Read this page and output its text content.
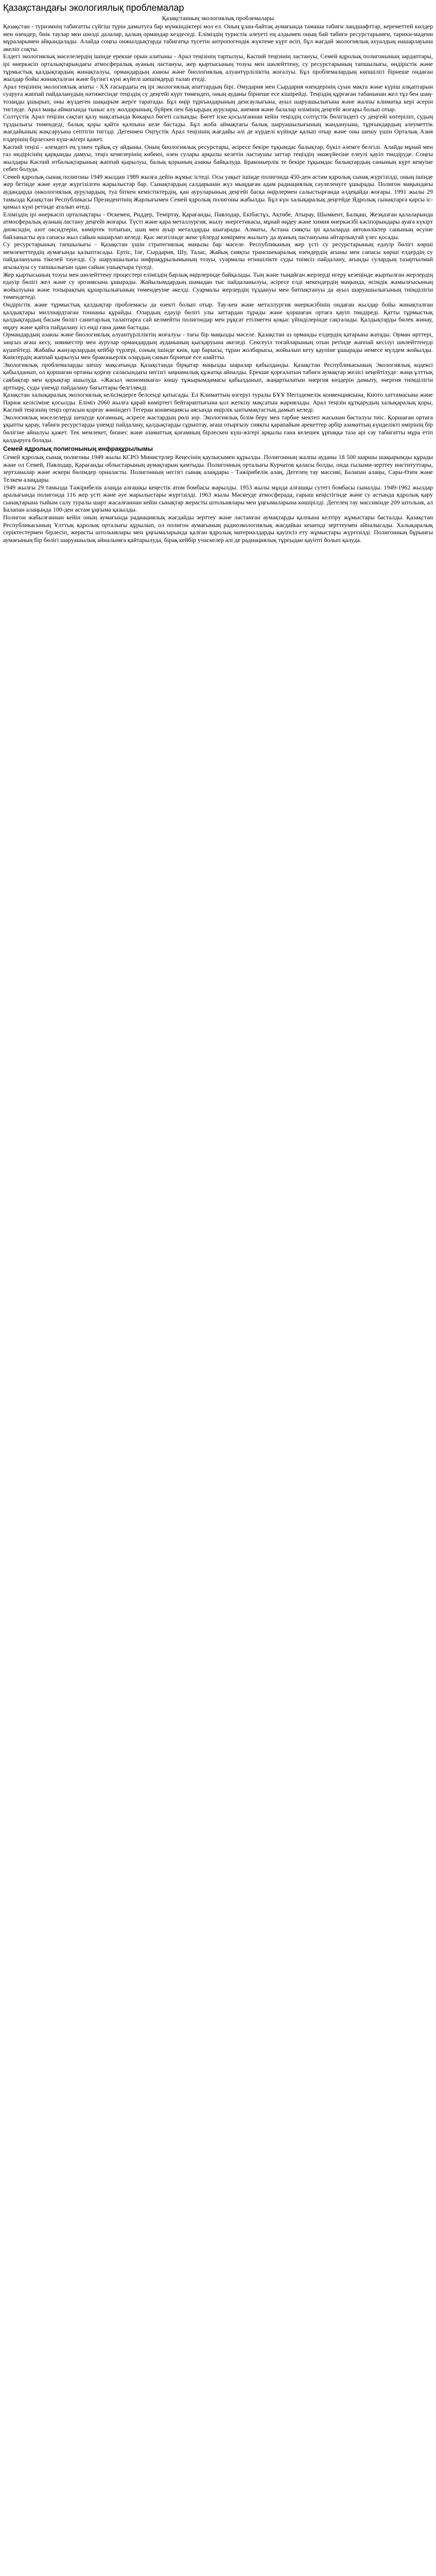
Қазақстандағы экологиялық проблемалар
Қазақстанның экологиялық проблемалары

Қазақстан - туризмнің табиғатты сүйгіш түрін дамытуға бар мүмкіндіктері мол ел. Оның ұлан-байтақ аумағында тамаша табиғи ландшафттар, кереметтей көлдер мен өзендер, биік таулар мен шөлді далалар, қалың ормандар кездеседі. Еліміздің туристік әлеуеті ең алдымен оның бай табиғи ресурстарымен, тарихи-мәдени мұраларымен айқындалады. Алайда соңғы онжылдықтарда табиғатқа түсетін антропогендік жүктеме күрт өсіп, бұл жағдай экологиялық ахуалдың нашарлауына әкеліп соқты.

Елдегі экологиялық мәселелердің ішінде ерекше орын алатыны - Арал теңізінің тартылуы, Каспий теңізінің ластануы, Семей ядролық полигонының зардаптары, ірі өнеркәсіп орталықтарындағы атмосфералық ауаның ластануы, жер қыртысының тозуы мен шөлейттену, су ресурстарының тапшылығы, өндірістік және тұрмыстық қалдықтардың жинақталуы, ормандардың азаюы және биологиялық алуантүрліліктің жоғалуы. Бұл проблемалардың көпшілігі бірнеше ондаған жылдар бойы жинақталған және бүгінгі күні жүйелі шешімдерді талап етеді.

Арал теңізінің экологиялық апаты - ХХ ғасырдағы ең ірі экологиялық апаттардың бірі. Әмудария мен Сырдария өзендерінің суын мақта және күріш алқаптарын суаруға жаппай пайдаланудың нәтижесінде теңіздің су деңгейі күрт төмендеп, оның ауданы бірнеше есе кішірейді. Теңіздің құрғаған табанынан жел тұз бен шаң-тозаңды ұшырып, оны жүздеген шақырым жерге таратады. Бұл өңір тұрғындарының денсаулығына, ауыл шаруашылығына және жалпы климатқа кері әсерін тигізуде. Арал маңы аймағында тыныс алу жолдарының, бүйрек пен бауырдың аурулары, анемия және балалар өлімінің деңгейі жоғары болып отыр.

Солтүстік Арал теңізін сақтап қалу мақсатында Көкарал бөгеті салынды. Бөгет іске қосылғаннан кейін теңіздің солтүстік бөлігіндегі су деңгейі көтеріліп, судың тұздылығы төмендеді, балық қоры қайта қалпына келе бастады. Бұл жоба аймақтағы балық шаруашылығының жандануына, тұрғындардың әлеуметтік жағдайының жақсаруына септігін тигізді. Дегенмен Оңтүстік Арал теңізінің жағдайы әлі де күрделі күйінде қалып отыр және оны шешу үшін Орталық Азия елдерінің бірлескен күш-жігері қажет.

Каспий теңізі - әлемдегі ең үлкен тұйық су айдыны. Оның биологиялық ресурстары, әсіресе бекіре тұқымдас балықтар, бүкіл әлемге белгілі. Алайда мұнай мен газ өндірісінің қарқынды дамуы, теңіз кемелерінің көбеюі, өзен сулары арқылы келетін ластаушы заттар теңіздің экожүйесіне елеулі қауіп төндіруде. Соңғы жылдары Каспий итбалықтарының жаппай қырылуы, балық қорының азаюы байқалуда. Браконьерлік те бекіре тұқымдас балықтардың санының күрт кемуіне себеп болуда.

Семей ядролық сынақ полигоны 1949 жылдан 1989 жылға дейін жұмыс істеді. Осы уақыт ішінде полигонда 450-ден астам ядролық сынақ жүргізілді, оның ішінде жер бетінде және әуеде жүргізілген жарылыстар бар. Сынақтардың салдарынан жүз мыңдаған адам радиациялық сәулеленуге ұшырады. Полигон маңындағы аудандарда онкологиялық аурулардың, туа біткен кемістіктердің, қан ауруларының деңгейі басқа өңірлермен салыстырғанда әлдеқайда жоғары. 1991 жылы 29 тамызда Қазақстан Республикасы Президентінің Жарлығымен Семей ядролық полигоны жабылды. Бұл күн халықаралық деңгейде Ядролық сынақтарға қарсы іс-қимыл күні ретінде аталып өтеді.

Еліміздің ірі өнеркәсіп орталықтары - Өскемен, Риддер, Теміртау, Қарағанды, Павлодар, Екібастұз, Ақтөбе, Атырау, Шымкент, Балқаш, Жезқазған қалаларында атмосфералық ауаның ластану деңгейі жоғары. Түсті және қара металлургия, жылу энергетикасы, мұнай өңдеу және химия өнеркәсібі кәсіпорындары ауаға күкірт диоксидін, азот оксидтерін, көміртек тотығын, шаң мен ауыр металдарды шығарады. Алматы, Астана сияқты ірі қалаларда автокөліктер санының өсуіне байланысты ауа сапасы жыл сайын нашарлап келеді. Қыс мезгілінде жеке үйлерді көмірмен жылыту да ауаның ластануына айтарлықтай үлес қосады.

Су ресурстарының тапшылығы - Қазақстан үшін стратегиялық маңызы бар мәселе. Республиканың жер үсті су ресурстарының едәуір бөлігі көрші мемлекеттердің аумағында қалыптасады. Ертіс, Іле, Сырдария, Шу, Талас, Жайық сияқты трансшекаралық өзендердің ағыны мен сапасы көрші елдердің су пайдалануына тікелей тәуелді. Су шаруашылығы инфрақұрылымының тозуы, суармалы егіншілікте суды тиімсіз пайдалану, ағынды сулардың тазартылмай ағызылуы су тапшылығын одан сайын ушықтыра түседі.

Жер қыртысының тозуы мен шөлейттену процестері еліміздің барлық өңірлерінде байқалады. Тың және тыңайған жерлерді игеру кезеңінде жыртылған жерлердің едәуір бөлігі жел және су эрозиясына ұшырады. Жайылымдардың шамадан тыс пайдаланылуы, әсіресе елді мекендердің маңында, өсімдік жамылғысының жойылуына және топырақтың құнарлылығының төмендеуіне әкелді. Суармалы жерлердің тұздануы мен батпақтануы да ауыл шаруашылығының тиімділігін төмендетеді.

Өндірістік және тұрмыстық қалдықтар проблемасы да өзекті болып отыр. Тау-кен және металлургия өнеркәсібінің ондаған жылдар бойы жинақталған қалдықтары миллиардтаған тоннаны құрайды. Олардың едәуір бөлігі улы заттардан тұрады және қоршаған ортаға қауіп төндіреді. Қатты тұрмыстық қалдықтардың басым бөлігі санитарлық талаптарға сай келмейтін полигондар мен рұқсат етілмеген қоқыс үйінділерінде сақталады. Қалдықтарды бөлек жинау, өңдеу және қайта пайдалану ісі енді ғана дами бастады.

Ормандардың азаюы және биологиялық алуантүрліліктің жоғалуы - тағы бір маңызды мәселе. Қазақстан аз орманды елдердің қатарына жатады. Орман өрттері, заңсыз ағаш кесу, зиянкестер мен аурулар ормандардың ауданының қысқаруына әкеледі. Сексеуіл тоғайларының отын ретінде жаппай кесілуі шөлейттенуді күшейтеді. Жабайы жануарлардың кейбір түрлері, соның ішінде киік, қар барысы, тұран жолбарысы, жойылып кету қаупіне ұшырады немесе мүлдем жойылды. Киіктердің жаппай қырылуы мен браконьерлік олардың санын бірнеше есе азайтты.

Экологиялық проблемаларды шешу мақсатында Қазақстанда бірқатар маңызды шаралар қабылданды. Қазақстан Республикасының Экологиялық кодексі қабылданып, ол қоршаған ортаны қорғау саласындағы негізгі заңнамалық құжатқа айналды. Ерекше қорғалатын табиғи аумақтар желісі кеңейтілуде: жаңа ұлттық саябақтар мен қорықтар ашылуда. «Жасыл экономикаға» көшу тұжырымдамасы қабылданып, жаңартылатын энергия көздерін дамыту, энергия тиімділігін арттыру, суды үнемді пайдалану бағыттары белгіленді.

Қазақстан халықаралық экологиялық келісімдерге белсенді қатысады. Ел Климаттың өзгеруі туралы БҰҰ Негіздемелік конвенциясына, Киото хаттамасына және Париж келісіміне қосылды. Еліміз 2060 жылға қарай көміртегі бейтараптығына қол жеткізу мақсатын жариялады. Арал теңізін құтқарудың халықаралық қоры, Каспий теңізінің теңіз ортасын қорғау жөніндегі Тегеран конвенциясы аясында өңірлік ынтымақтастық дамып келеді.

Экологиялық мәселелерді шешуде қоғамның, әсіресе жастардың рөлі зор. Экологиялық білім беру мен тәрбие мектеп жасынан басталуы тиіс. Қоршаған ортаға ұқыпты қарау, табиғи ресурстарды үнемді пайдалану, қалдықтарды сұрыптау, ағаш отырғызу сияқты қарапайым әрекеттер әрбір азаматтың күнделікті өмірінің бір бөлігіне айналуы қажет. Тек мемлекет, бизнес және азаматтық қоғамның бірлескен күш-жігері арқылы ғана келешек ұрпаққа таза әрі сау табиғатты мұра етіп қалдыруға болады.

Семей ядролық полигонының инфрақұрылымы

Семей ядролық сынақ полигоны 1949 жылы КСРО Министрлер Кеңесінің қаулысымен құрылды. Полигонның жалпы ауданы 18 500 шаршы шақырымды құрады және ол Семей, Павлодар, Қарағанды облыстарының аумақтарын қамтыды. Полигонның орталығы Курчатов қаласы болды, онда ғылыми-зерттеу институттары, зертханалар және әскери бөлімдер орналасты. Полигонның негізгі сынақ алаңдары - Тәжірибелік алаң, Дегелең тау массиві, Балапан алаңы, Сары-Өзен және Телкем алаңдары.

1949 жылғы 29 тамызда Тәжірибелік алаңда алғашқы кеңестік атом бомбасы жарылды. 1953 жылы мұнда алғашқы сутегі бомбасы сыналды. 1949-1962 жылдар аралығында полигонда 116 жер үсті және әуе жарылыстары жүргізілді. 1963 жылы Мәскеуде атмосферада, ғарыш кеңістігінде және су астында ядролық қару сынақтарына тыйым салу туралы шарт жасалғаннан кейін сынақтар жерасты штольнялары мен ұңғымаларына көшірілді. Дегелең тау массивінде 209 штольня, ал Балапан алаңында 100-ден астам ұңғыма қазылды.

Полигон жабылғаннан кейін оның аумағында радиациялық жағдайды зерттеу және ластанған аумақтарды қалпына келтіру жұмыстары басталды. Қазақстан Республикасының Ұлттық ядролық орталығы құрылып, ол полигон аумағының радиоэкологиялық жағдайын кешенді зерттеумен айналысады. Халықаралық серіктестермен бірлесіп, жерасты штольнялары мен ұңғымаларында қалған ядролық материалдарды қауіпсіз ету жұмыстары жүргізілді. Полигонның бұрынғы аумағының бір бөлігі шаруашылық айналымға қайтарылуда, бірақ кейбір учаскелер әлі де радиациялық тұрғыдан қауіпті болып қалуда.
